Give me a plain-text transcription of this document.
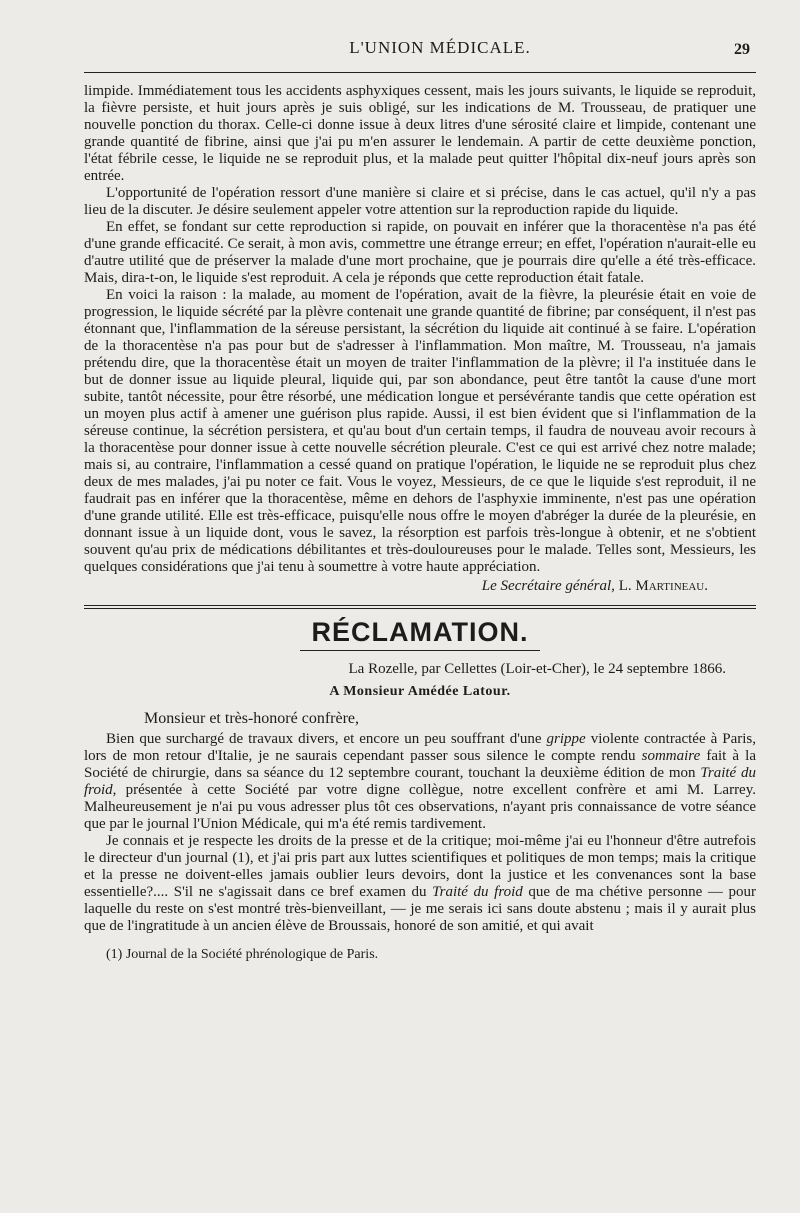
L'UNION MÉDICALE.	29

limpide. Immédiatement tous les accidents asphyxiques cessent, mais les jours suivants, le liquide se reproduit, la fièvre persiste, et huit jours après je suis obligé, sur les indications de M. Trousseau, de pratiquer une nouvelle ponction du thorax. Celle-ci donne issue à deux litres d'une sérosité claire et limpide, contenant une grande quantité de fibrine, ainsi que j'ai pu m'en assurer le lendemain. A partir de cette deuxième ponction, l'état fébrile cesse, le liquide ne se reproduit plus, et la malade peut quitter l'hôpital dix-neuf jours après son entrée.

L'opportunité de l'opération ressort d'une manière si claire et si précise, dans le cas actuel, qu'il n'y a pas lieu de la discuter. Je désire seulement appeler votre attention sur la reproduction rapide du liquide.

En effet, se fondant sur cette reproduction si rapide, on pouvait en inférer que la thoracentèse n'a pas été d'une grande efficacité. Ce serait, à mon avis, commettre une étrange erreur; en effet, l'opération n'aurait-elle eu d'autre utilité que de préserver la malade d'une mort prochaine, que je pourrais dire qu'elle a été très-efficace. Mais, dira-t-on, le liquide s'est reproduit. A cela je réponds que cette reproduction était fatale.

En voici la raison : la malade, au moment de l'opération, avait de la fièvre, la pleurésie était en voie de progression, le liquide sécrété par la plèvre contenait une grande quantité de fibrine; par conséquent, il n'est pas étonnant que, l'inflammation de la séreuse persistant, la sécrétion du liquide ait continué à se faire. L'opération de la thoracentèse n'a pas pour but de s'adresser à l'inflammation. Mon maître, M. Trousseau, n'a jamais prétendu dire, que la thoracentèse était un moyen de traiter l'inflammation de la plèvre; il l'a instituée dans le but de donner issue au liquide pleural, liquide qui, par son abondance, peut être tantôt la cause d'une mort subite, tantôt nécessite, pour être résorbé, une médication longue et persévérante tandis que cette opération est un moyen plus actif à amener une guérison plus rapide. Aussi, il est bien évident que si l'inflammation de la séreuse continue, la sécrétion persistera, et qu'au bout d'un certain temps, il faudra de nouveau avoir recours à la thoracentèse pour donner issue à cette nouvelle sécrétion pleurale. C'est ce qui est arrivé chez notre malade; mais si, au contraire, l'inflammation a cessé quand on pratique l'opération, le liquide ne se reproduit plus chez deux de mes malades, j'ai pu noter ce fait. Vous le voyez, Messieurs, de ce que le liquide s'est reproduit, il ne faudrait pas en inférer que la thoracentèse, même en dehors de l'asphyxie imminente, n'est pas une opération d'une grande utilité. Elle est très-efficace, puisqu'elle nous offre le moyen d'abréger la durée de la pleurésie, en donnant issue à un liquide dont, vous le savez, la résorption est parfois très-longue à obtenir, et ne s'obtient souvent qu'au prix de médications débilitantes et très-douloureuses pour le malade. Telles sont, Messieurs, les quelques considérations que j'ai tenu à soumettre à votre haute appréciation.

Le Secrétaire général, L. Martineau.
RÉCLAMATION.
La Rozelle, par Cellettes (Loir-et-Cher), le 24 septembre 1866.
A Monsieur Amédée Latour.

Monsieur et très-honoré confrère,

Bien que surchargé de travaux divers, et encore un peu souffrant d'une grippe violente contractée à Paris, lors de mon retour d'Italie, je ne saurais cependant passer sous silence le compte rendu sommaire fait à la Société de chirurgie, dans sa séance du 12 septembre courant, touchant la deuxième édition de mon Traité du froid, présentée à cette Société par votre digne collègue, notre excellent confrère et ami M. Larrey. Malheureusement je n'ai pu vous adresser plus tôt ces observations, n'ayant pris connaissance de votre séance que par le journal l'Union Médicale, qui m'a été remis tardivement.

Je connais et je respecte les droits de la presse et de la critique; moi-même j'ai eu l'honneur d'être autrefois le directeur d'un journal (1), et j'ai pris part aux luttes scientifiques et politiques de mon temps; mais la critique et la presse ne doivent-elles jamais oublier leurs devoirs, dont la justice et les convenances sont la base essentielle?.... S'il ne s'agissait dans ce bref examen du Traité du froid que de ma chétive personne — pour laquelle du reste on s'est montré très-bienveillant, — je me serais ici sans doute abstenu ; mais il y aurait plus que de l'ingratitude à un ancien élève de Broussais, honoré de son amitié, et qui avait

(1) Journal de la Société phrénologique de Paris.
